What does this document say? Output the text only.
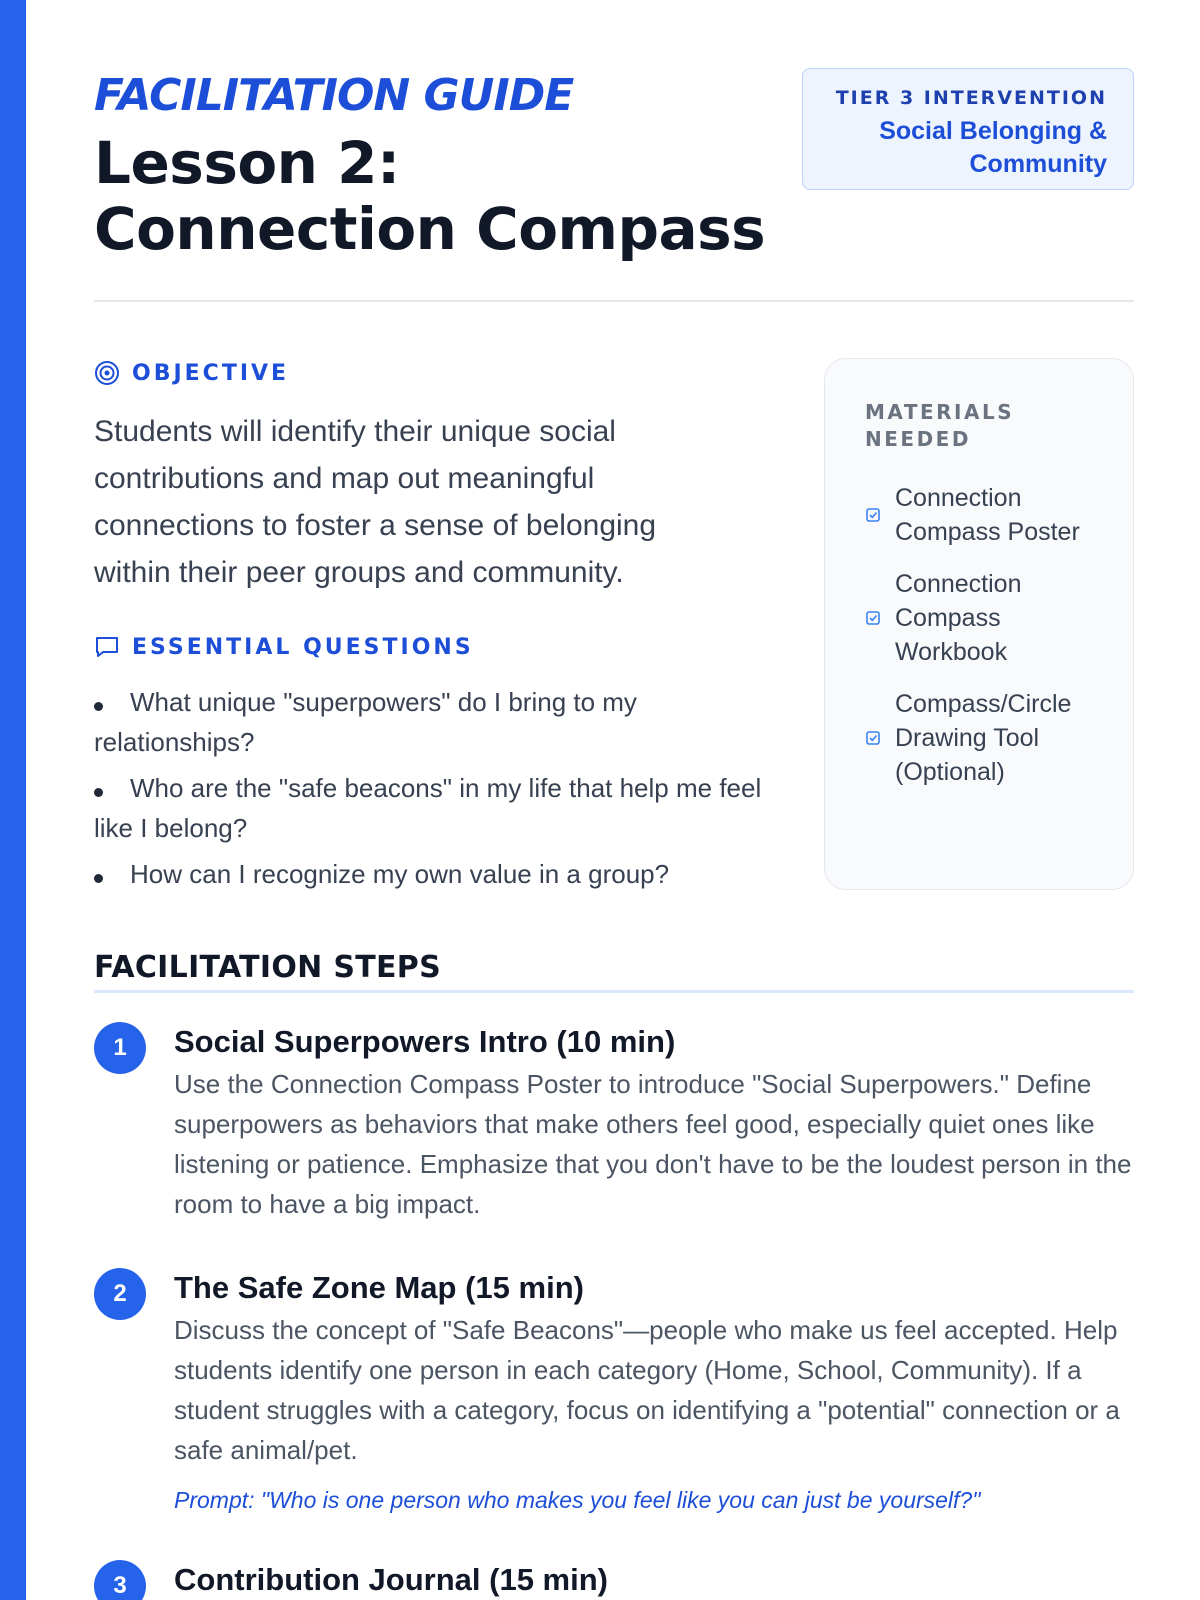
FACILITATION GUIDE
Lesson 2: Connection Compass
TIER 3 INTERVENTION
Social Belonging &
Community
OBJECTIVE

Students will identify their unique social contributions and map out meaningful connections to foster a sense of belonging within their peer groups and community.

ESSENTIAL QUESTIONS
What unique "superpowers" do I bring to my relationships?
Who are the "safe beacons" in my life that help me feel like I belong?
How can I recognize my own value in a group?
MATERIALS
NEEDED
Connection
Compass Poster
Connection
Compass
Workbook
Compass/Circle
Drawing Tool
(Optional)
FACILITATION STEPS
1	Social Superpowers Intro (10 min)

Use the Connection Compass Poster to introduce "Social Superpowers." Define superpowers as behaviors that make others feel good, especially quiet ones like listening or patience. Emphasize that you don't have to be the loudest person in the room to have a big impact.

2	The Safe Zone Map (15 min)

Discuss the concept of "Safe Beacons"—people who make us feel accepted. Help students identify one person in each category (Home, School, Community). If a student struggles with a category, focus on identifying a "potential" connection or a safe animal/pet.

Prompt: "Who is one person who makes you feel like you can just be yourself?"

3	Contribution Journal (15 min)
